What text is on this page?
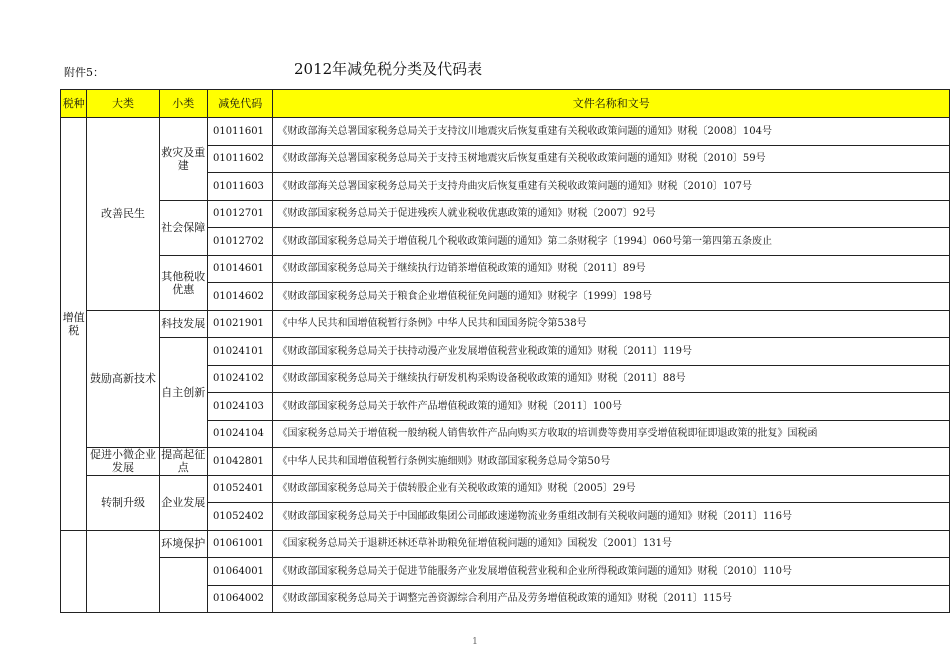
附件5：	2012年减免税分类及代码表
税种	大类	小类	减免代码	文件名称和文号
增值税	改善民生	救灾及重建	01011601	《财政部海关总署国家税务总局关于支持汶川地震灾后恢复重建有关税收政策问题的通知》财税〔2008〕104号
			01011602	《财政部海关总署国家税务总局关于支持玉树地震灾后恢复重建有关税收政策问题的通知》财税〔2010〕59号
			01011603	《财政部海关总署国家税务总局关于支持舟曲灾后恢复重建有关税收政策问题的通知》财税〔2010〕107号
		社会保障	01012701	《财政部国家税务总局关于促进残疾人就业税收优惠政策的通知》财税〔2007〕92号
			01012702	《财政部国家税务总局关于增值税几个税收政策问题的通知》第二条财税字〔1994〕060号第一第四第五条废止
		其他税收优惠	01014601	《财政部国家税务总局关于继续执行边销茶增值税政策的通知》财税〔2011〕89号
			01014602	《财政部国家税务总局关于粮食企业增值税征免问题的通知》财税字〔1999〕198号
	鼓励高新技术	科技发展	01021901	《中华人民共和国增值税暂行条例》中华人民共和国国务院令第538号
		自主创新	01024101	《财政部国家税务总局关于扶持动漫产业发展增值税营业税政策的通知》财税〔2011〕119号
			01024102	《财政部国家税务总局关于继续执行研发机构采购设备税收政策的通知》财税〔2011〕88号
			01024103	《财政部国家税务总局关于软件产品增值税政策的通知》财税〔2011〕100号
			01024104	《国家税务总局关于增值税一般纳税人销售软件产品向购买方收取的培训费等费用享受增值税即征即退政策的批复》国税函
	促进小微企业发展	提高起征点	01042801	《中华人民共和国增值税暂行条例实施细则》财政部国家税务总局令第50号
	转制升级	企业发展	01052401	《财政部国家税务总局关于债转股企业有关税收政策的通知》财税〔2005〕29号
			01052402	《财政部国家税务总局关于中国邮政集团公司邮政速递物流业务重组改制有关税收问题的通知》财税〔2011〕116号
		环境保护	01061001	《国家税务总局关于退耕还林还草补助粮免征增值税问题的通知》国税发〔2001〕131号
			01064001	《财政部国家税务总局关于促进节能服务产业发展增值税营业税和企业所得税政策问题的通知》财税〔2010〕110号
			01064002	《财政部国家税务总局关于调整完善资源综合利用产品及劳务增值税政策的通知》财税〔2011〕115号
1
